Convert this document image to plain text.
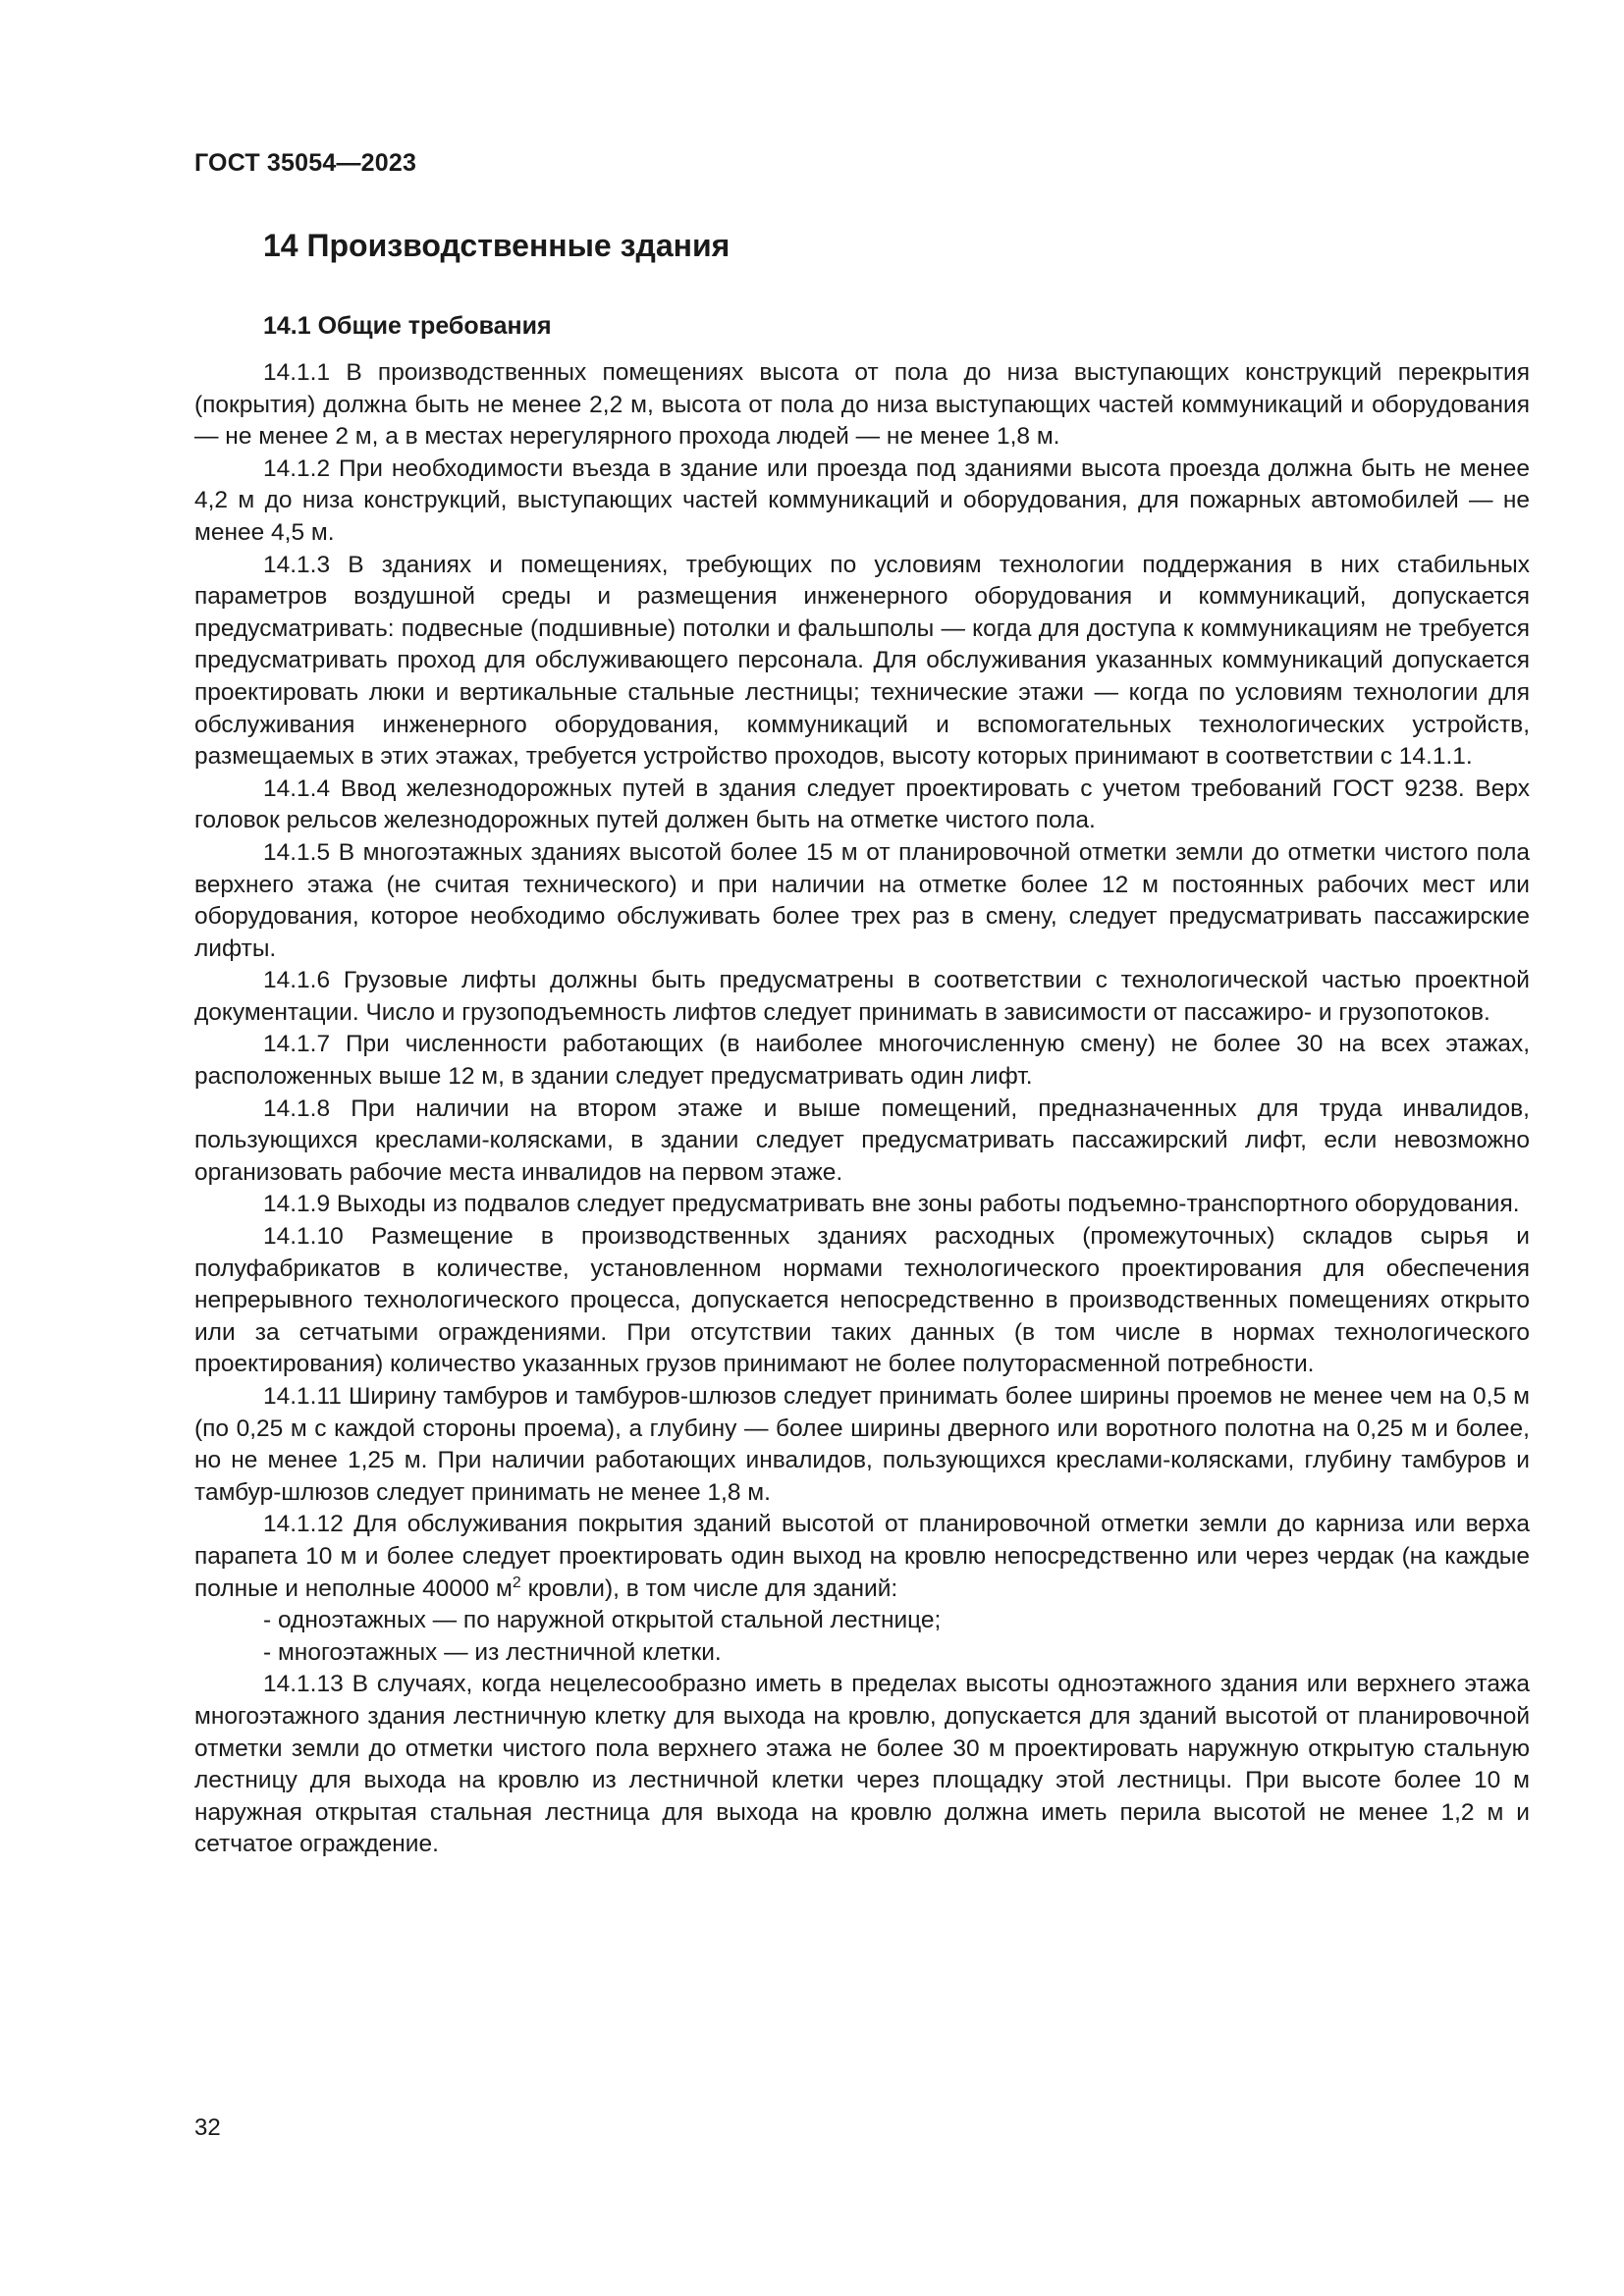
ГОСТ 35054—2023

14 Производственные здания
14.1 Общие требования

14.1.1 В производственных помещениях высота от пола до низа выступающих конструкций перекрытия (покрытия) должна быть не менее 2,2 м, высота от пола до низа выступающих частей коммуникаций и оборудования — не менее 2 м, а в местах нерегулярного прохода людей — не менее 1,8 м.

14.1.2 При необходимости въезда в здание или проезда под зданиями высота проезда должна быть не менее 4,2 м до низа конструкций, выступающих частей коммуникаций и оборудования, для пожарных автомобилей — не менее 4,5 м.

14.1.3 В зданиях и помещениях, требующих по условиям технологии поддержания в них стабильных параметров воздушной среды и размещения инженерного оборудования и коммуникаций, допускается предусматривать: подвесные (подшивные) потолки и фальшполы — когда для доступа к коммуникациям не требуется предусматривать проход для обслуживающего персонала. Для обслуживания указанных коммуникаций допускается проектировать люки и вертикальные стальные лестницы; технические этажи — когда по условиям технологии для обслуживания инженерного оборудования, коммуникаций и вспомогательных технологических устройств, размещаемых в этих этажах, требуется устройство проходов, высоту которых принимают в соответствии с 14.1.1.

14.1.4 Ввод железнодорожных путей в здания следует проектировать с учетом требований ГОСТ 9238. Верх головок рельсов железнодорожных путей должен быть на отметке чистого пола.

14.1.5 В многоэтажных зданиях высотой более 15 м от планировочной отметки земли до отметки чистого пола верхнего этажа (не считая технического) и при наличии на отметке более 12 м постоянных рабочих мест или оборудования, которое необходимо обслуживать более трех раз в смену, следует предусматривать пассажирские лифты.

14.1.6 Грузовые лифты должны быть предусматрены в соответствии с технологической частью проектной документации. Число и грузоподъемность лифтов следует принимать в зависимости от пассажиро- и грузопотоков.

14.1.7 При численности работающих (в наиболее многочисленную смену) не более 30 на всех этажах, расположенных выше 12 м, в здании следует предусматривать один лифт.

14.1.8 При наличии на втором этаже и выше помещений, предназначенных для труда инвалидов, пользующихся креслами-колясками, в здании следует предусматривать пассажирский лифт, если невозможно организовать рабочие места инвалидов на первом этаже.

14.1.9 Выходы из подвалов следует предусматривать вне зоны работы подъемно-транспортного оборудования.

14.1.10 Размещение в производственных зданиях расходных (промежуточных) складов сырья и полуфабрикатов в количестве, установленном нормами технологического проектирования для обеспечения непрерывного технологического процесса, допускается непосредственно в производственных помещениях открыто или за сетчатыми ограждениями. При отсутствии таких данных (в том числе в нормах технологического проектирования) количество указанных грузов принимают не более полуторасменной потребности.

14.1.11 Ширину тамбуров и тамбуров-шлюзов следует принимать более ширины проемов не менее чем на 0,5 м (по 0,25 м с каждой стороны проема), а глубину — более ширины дверного или воротного полотна на 0,25 м и более, но не менее 1,25 м. При наличии работающих инвалидов, пользующихся креслами-колясками, глубину тамбуров и тамбур-шлюзов следует принимать не менее 1,8 м.

14.1.12 Для обслуживания покрытия зданий высотой от планировочной отметки земли до карниза или верха парапета 10 м и более следует проектировать один выход на кровлю непосредственно или через чердак (на каждые полные и неполные 40000 $м^2$ кровли), в том числе для зданий:

- одноэтажных — по наружной открытой стальной лестнице;

- многоэтажных — из лестничной клетки.

14.1.13 В случаях, когда нецелесообразно иметь в пределах высоты одноэтажного здания или верхнего этажа многоэтажного здания лестничную клетку для выхода на кровлю, допускается для зданий высотой от планировочной отметки земли до отметки чистого пола верхнего этажа не более 30 м проектировать наружную открытую стальную лестницу для выхода на кровлю из лестничной клетки через площадку этой лестницы. При высоте более 10 м наружная открытая стальная лестница для выхода на кровлю должна иметь перила высотой не менее 1,2 м и сетчатое ограждение.

32
